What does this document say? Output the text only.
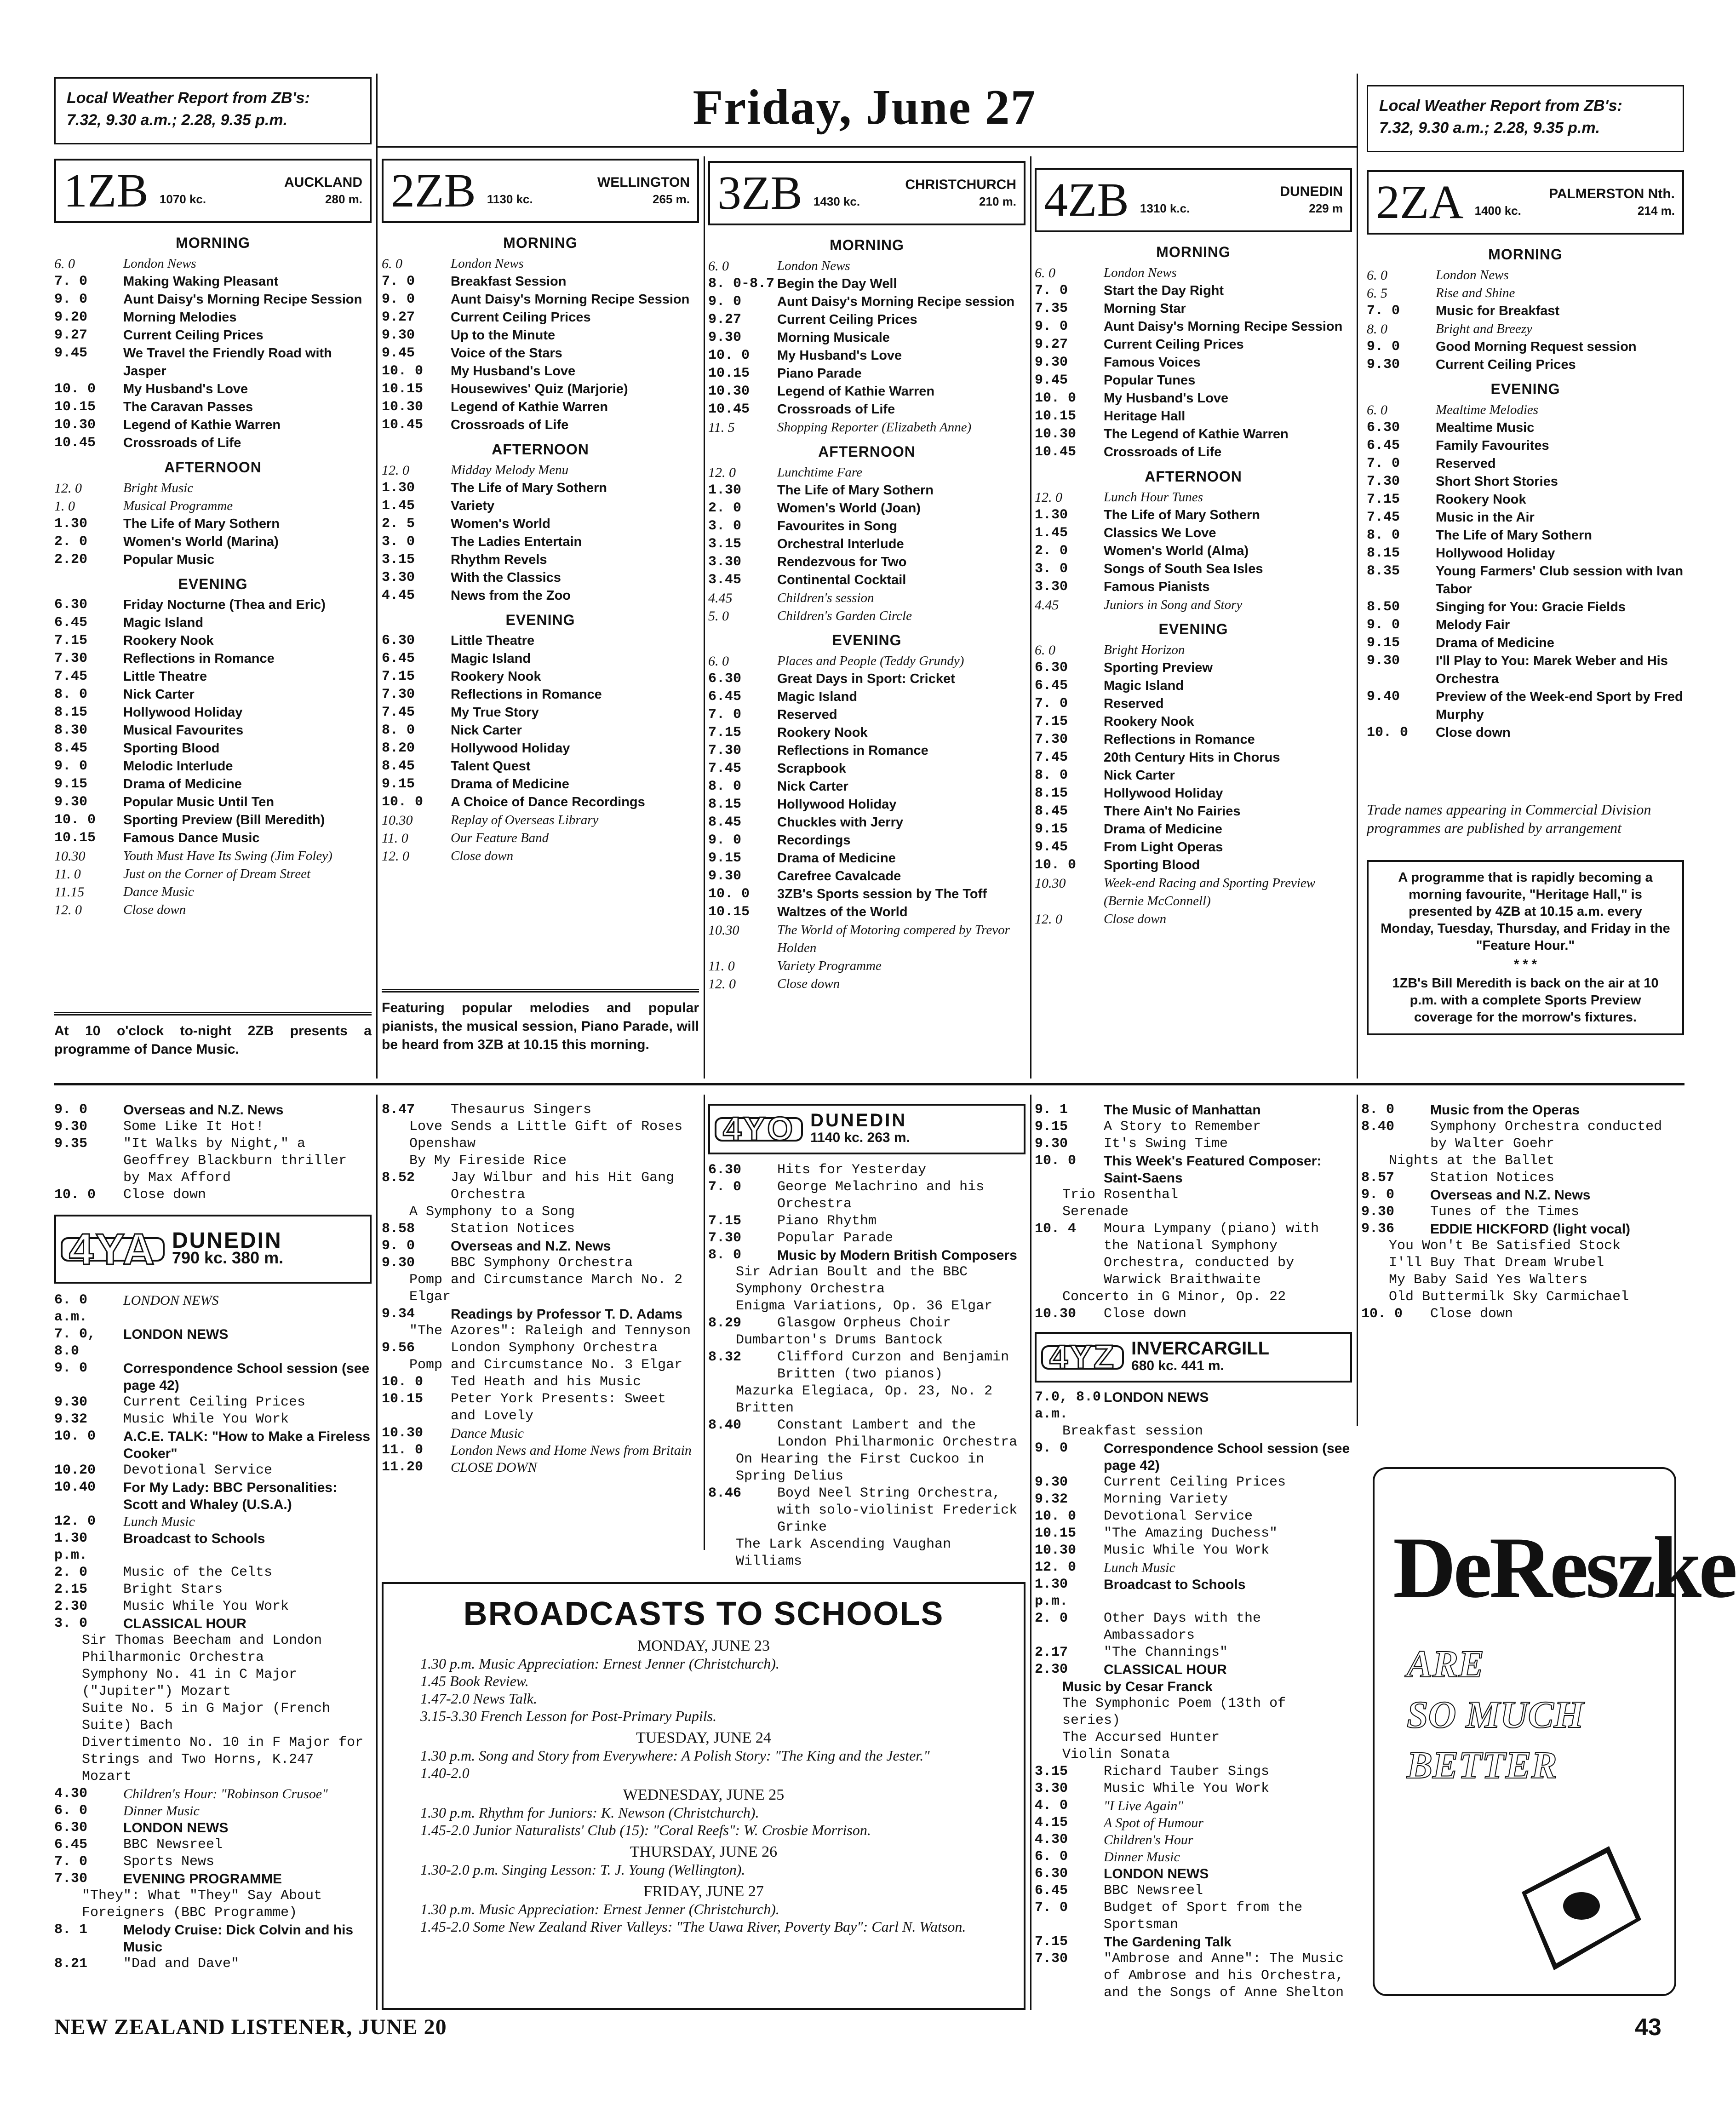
Local Weather Report from ZB's:
7.32, 9.30 a.m.; 2.28, 9.35 p.m.	Friday, June 27	Local Weather Report from ZB's:
7.32, 9.30 a.m.; 2.28, 9.35 p.m.
1ZB	AUCKLAND
1070 kc.	280 m.
MORNING
6. 0	London News
7. 0	Making Waking Pleasant
9. 0	Aunt Daisy's Morning Recipe Session
9.20	Morning Melodies
9.27	Current Ceiling Prices
9.45	We Travel the Friendly Road with Jasper
10. 0	My Husband's Love
10.15	The Caravan Passes
10.30	Legend of Kathie Warren
10.45	Crossroads of Life
AFTERNOON
12. 0	Bright Music
1. 0	Musical Programme
1.30	The Life of Mary Sothern
2. 0	Women's World (Marina)
2.20	Popular Music
EVENING
6.30	Friday Nocturne (Thea and Eric)
6.45	Magic Island
7.15	Rookery Nook
7.30	Reflections in Romance
7.45	Little Theatre
8. 0	Nick Carter
8.15	Hollywood Holiday
8.30	Musical Favourites
8.45	Sporting Blood
9. 0	Melodic Interlude
9.15	Drama of Medicine
9.30	Popular Music Until Ten
10. 0	Sporting Preview (Bill Meredith)
10.15	Famous Dance Music
10.30	Youth Must Have Its Swing (Jim Foley)
11. 0	Just on the Corner of Dream Street
11.15	Dance Music
12. 0	Close down
2ZB	WELLINGTON
1130 kc.	265 m.
MORNING
6. 0	London News
7. 0	Breakfast Session
9. 0	Aunt Daisy's Morning Recipe Session
9.27	Current Ceiling Prices
9.30	Up to the Minute
9.45	Voice of the Stars
10. 0	My Husband's Love
10.15	Housewives' Quiz (Marjorie)
10.30	Legend of Kathie Warren
10.45	Crossroads of Life
AFTERNOON
12. 0	Midday Melody Menu
1.30	The Life of Mary Sothern
1.45	Variety
2. 5	Women's World
3. 0	The Ladies Entertain
3.15	Rhythm Revels
3.30	With the Classics
4.45	News from the Zoo
EVENING
6.30	Little Theatre
6.45	Magic Island
7.15	Rookery Nook
7.30	Reflections in Romance
7.45	My True Story
8. 0	Nick Carter
8.20	Hollywood Holiday
8.45	Talent Quest
9.15	Drama of Medicine
10. 0	A Choice of Dance Recordings
10.30	Replay of Overseas Library
11. 0	Our Feature Band
12. 0	Close down
3ZB	CHRISTCHURCH
1430 kc.	210 m.
MORNING
6. 0	London News
8. 0-8.7 Begin the Day Well
9. 0	Aunt Daisy's Morning Recipe session
9.27	Current Ceiling Prices
9.30	Morning Musicale
10. 0	My Husband's Love
10.15	Piano Parade
10.30	Legend of Kathie Warren
10.45	Crossroads of Life
11. 5	Shopping Reporter (Elizabeth Anne)
AFTERNOON
12. 0	Lunchtime Fare
1.30	The Life of Mary Sothern
2. 0	Women's World (Joan)
3. 0	Favourites in Song
3.15	Orchestral Interlude
3.30	Rendezvous for Two
3.45	Continental Cocktail
4.45	Children's session
5. 0	Children's Garden Circle
EVENING
6. 0	Places and People (Teddy Grundy)
6.30	Great Days in Sport: Cricket
6.45	Magic Island
7. 0	Reserved
7.15	Rookery Nook
7.30	Reflections in Romance
7.45	Scrapbook
8. 0	Nick Carter
8.15	Hollywood Holiday
8.45	Chuckles with Jerry
9. 0	Recordings
9.15	Drama of Medicine
9.30	Carefree Cavalcade
10. 0	3ZB's Sports session by The Toff
10.15	Waltzes of the World
10.30	The World of Motoring compered by Trevor Holden
11. 0	Variety Programme
12. 0	Close down
4ZB	DUNEDIN
1310 k.c.	229 m
MORNING
6. 0	London News
7. 0	Start the Day Right
7.35	Morning Star
9. 0	Aunt Daisy's Morning Recipe Session
9.27	Current Ceiling Prices
9.30	Famous Voices
9.45	Popular Tunes
10. 0	My Husband's Love
10.15	Heritage Hall
10.30	The Legend of Kathie Warren
10.45	Crossroads of Life
AFTERNOON
12. 0	Lunch Hour Tunes
1.30	The Life of Mary Sothern
1.45	Classics We Love
2. 0	Women's World (Alma)
3. 0	Songs of South Sea Isles
3.30	Famous Pianists
4.45	Juniors in Song and Story
EVENING
6. 0	Bright Horizon
6.30	Sporting Preview
6.45	Magic Island
7. 0	Reserved
7.15	Rookery Nook
7.30	Reflections in Romance
7.45	20th Century Hits in Chorus
8. 0	Nick Carter
8.15	Hollywood Holiday
8.45	There Ain't No Fairies
9.15	Drama of Medicine
9.45	From Light Operas
10. 0	Sporting Blood
10.30	Week-end Racing and Sporting Preview (Bernie McConnell)
12. 0	Close down
2ZA	PALMERSTON Nth.
1400 kc.	214 m.
MORNING
6. 0	London News
6. 5	Rise and Shine
7. 0	Music for Breakfast
8. 0	Bright and Breezy
9. 0	Good Morning Request session
9.30	Current Ceiling Prices
EVENING
6. 0	Mealtime Melodies
6.30	Mealtime Music
6.45	Family Favourites
7. 0	Reserved
7.30	Short Short Stories
7.15	Rookery Nook
7.45	Music in the Air
8. 0	The Life of Mary Sothern
8.15	Hollywood Holiday
8.35	Young Farmers' Club session with Ivan Tabor
8.50	Singing for You: Gracie Fields
9. 0	Melody Fair
9.15	Drama of Medicine
9.30	I'll Play to You: Marek Weber and His Orchestra
9.40	Preview of the Week-end Sport by Fred Murphy
10. 0	Close down
At 10 o'clock to-night 2ZB presents a programme of Dance Music.
Featuring popular melodies and popular pianists, the musical session, Piano Parade, will be heard from 3ZB at 10.15 this morning.
Trade names appearing in Commercial Division programmes are published by arrangement
A programme that is rapidly becoming a morning favourite, "Heritage Hall," is presented by 4ZB at 10.15 a.m. every Monday, Tuesday, Thursday, and Friday in the "Feature Hour."
* * *
1ZB's Bill Meredith is back on the air at 10 p.m. with a complete Sports Preview coverage for the morrow's fixtures.
9. 0	Overseas and N.Z. News
9.30	Some Like It Hot!
9.35	"It Walks by Night," a Geoffrey Blackburn thriller by Max Afford
10. 0	Close down
4YA DUNEDIN
790 kc. 380 m.
6. 0 a.m.
LONDON NEWS
7. 0, 8.0
LONDON NEWS
9. 0	Correspondence School session (see page 42)
9.30	Current Ceiling Prices
9.32	Music While You Work
10. 0	A.C.E. TALK: "How to Make a Fireless Cooker"
10.20	Devotional Service
10.40	For My Lady: BBC Personalities: Scott and Whaley (U.S.A.)
12. 0	Lunch Music
1.30 p.m.
Broadcast to Schools
2. 0	Music of the Celts
2.15	Bright Stars
2.30	Music While You Work
3. 0	CLASSICAL HOUR
Sir Thomas Beecham and London Philharmonic Orchestra
Symphony No. 41 in C Major ("Jupiter") Mozart
Suite No. 5 in G Major (French Suite) Bach
Divertimento No. 10 in F Major for Strings and Two Horns, K.247 Mozart
4.30	Children's Hour: "Robinson Crusoe"
6. 0	Dinner Music
6.30	LONDON NEWS
6.45	BBC Newsreel
7. 0	Sports News
7.30	EVENING PROGRAMME
"They": What "They" Say About Foreigners (BBC Programme)
8. 1	Melody Cruise: Dick Colvin and his Music
8.21	"Dad and Dave"
8.47	Thesaurus Singers
Love Sends a Little Gift of Roses Openshaw
By My Fireside Rice
8.52	Jay Wilbur and his Hit Gang Orchestra
A Symphony to a Song
8.58	Station Notices
9. 0	Overseas and N.Z. News
9.30	BBC Symphony Orchestra
Pomp and Circumstance March No. 2 Elgar
9.34	Readings by Professor T. D. Adams
"The Azores": Raleigh and Tennyson
9.56	London Symphony Orchestra
Pomp and Circumstance No. 3 Elgar
10. 0	Ted Heath and his Music
10.15	Peter York Presents: Sweet and Lovely
10.30	Dance Music
11. 0	London News and Home News from Britain
11.20	CLOSE DOWN
4YO DUNEDIN
1140 kc. 263 m.
6.30	Hits for Yesterday
7. 0	George Melachrino and his Orchestra
7.15	Piano Rhythm
7.30	Popular Parade
8. 0	Music by Modern British Composers
Sir Adrian Boult and the BBC Symphony Orchestra
Enigma Variations, Op. 36 Elgar
8.29	Glasgow Orpheus Choir
Dumbarton's Drums Bantock
8.32	Clifford Curzon and Benjamin Britten (two pianos)
Mazurka Elegiaca, Op. 23, No. 2 Britten
8.40	Constant Lambert and the London Philharmonic Orchestra
On Hearing the First Cuckoo in Spring Delius
8.46	Boyd Neel String Orchestra, with solo-violinist Frederick Grinke
The Lark Ascending Vaughan Williams
9. 1	The Music of Manhattan
9.15	A Story to Remember
9.30	It's Swing Time
10. 0	This Week's Featured Composer: Saint-Saens
Trio Rosenthal
Serenade
10. 4	Moura Lympany (piano) with the National Symphony Orchestra, conducted by Warwick Braithwaite
Concerto in G Minor, Op. 22
10.30	Close down
4YZ INVERCARGILL
680 kc. 441 m.
7.0, 8.0 a.m.
LONDON NEWS
Breakfast session
9. 0	Correspondence School session (see page 42)
9.30	Current Ceiling Prices
9.32	Morning Variety
10. 0	Devotional Service
10.15	"The Amazing Duchess"
10.30	Music While You Work
12. 0	Lunch Music
1.30 p.m.
Broadcast to Schools
2. 0	Other Days with the Ambassadors
2.17	"The Channings"
2.30	CLASSICAL HOUR
Music by Cesar Franck
The Symphonic Poem (13th of series)
The Accursed Hunter
Violin Sonata
3.15	Richard Tauber Sings
3.30	Music While You Work
4. 0	"I Live Again"
4.15	A Spot of Humour
4.30	Children's Hour
6. 0	Dinner Music
6.30	LONDON NEWS
6.45	BBC Newsreel
7. 0	Budget of Sport from the Sportsman
7.15	The Gardening Talk
7.30	"Ambrose and Anne": The Music of Ambrose and his Orchestra, and the Songs of Anne Shelton
8. 0	Music from the Operas
8.40	Symphony Orchestra conducted by Walter Goehr
Nights at the Ballet
8.57	Station Notices
9. 0	Overseas and N.Z. News
9.30	Tunes of the Times
9.36	EDDIE HICKFORD (light vocal)
You Won't Be Satisfied Stock
I'll Buy That Dream Wrubel
My Baby Said Yes Walters
Old Buttermilk Sky Carmichael
10. 0	Close down
BROADCASTS TO SCHOOLS
MONDAY, JUNE 23
1.30 p.m. Music Appreciation: Ernest Jenner (Christchurch).
1.45 Book Review.
1.47-2.0 News Talk.
3.15-3.30 French Lesson for Post-Primary Pupils.
TUESDAY, JUNE 24
1.30 p.m. Song and Story from Everywhere: A Polish Story: "The King and the Jester."
1.40-2.0
WEDNESDAY, JUNE 25
1.30 p.m. Rhythm for Juniors: K. Newson (Christchurch).
1.45-2.0 Junior Naturalists' Club (15): "Coral Reefs": W. Crosbie Morrison.
THURSDAY, JUNE 26
1.30-2.0 p.m. Singing Lesson: T. J. Young (Wellington).
FRIDAY, JUNE 27
1.30 p.m. Music Appreciation: Ernest Jenner (Christchurch).
1.45-2.0 Some New Zealand River Valleys: "The Uawa River, Poverty Bay": Carl N. Watson.
DeReszke
ARE
SO MUCH
BETTER
NEW ZEALAND LISTENER, JUNE 20	43
